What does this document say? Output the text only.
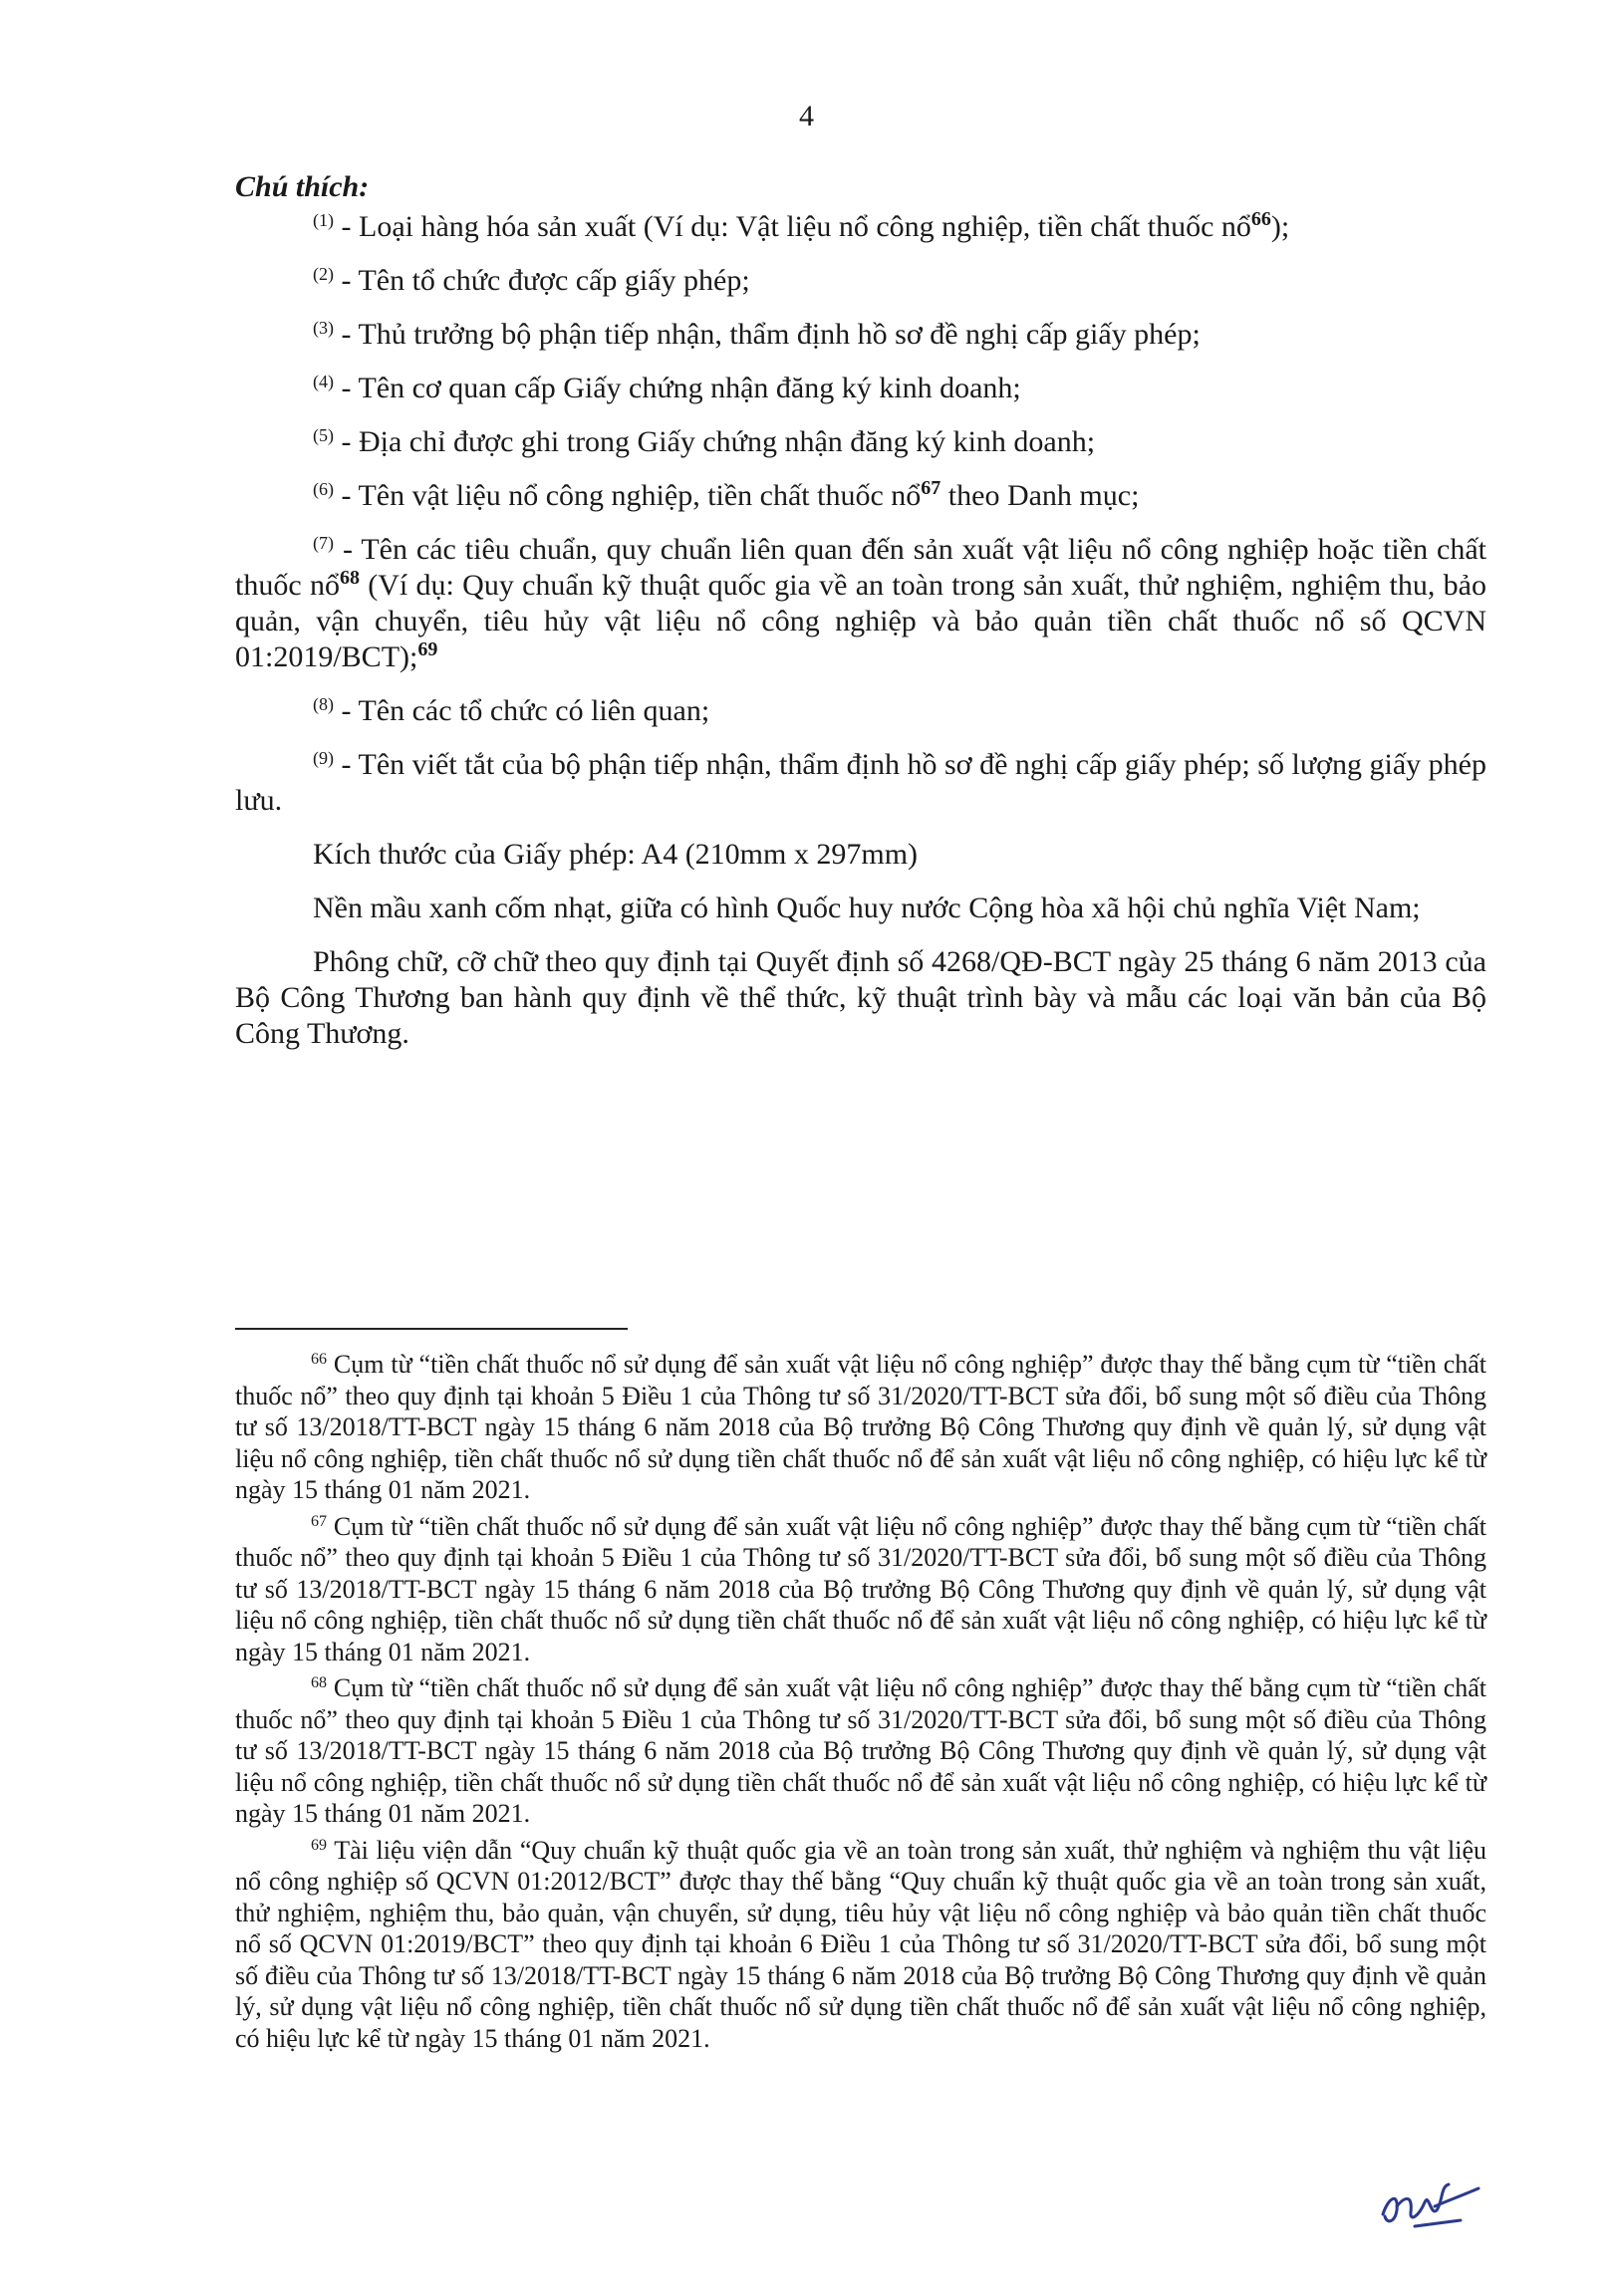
4

Chú thích:

$^{(1)}$ - Loại hàng hóa sản xuất (Ví dụ: Vật liệu nổ công nghiệp, tiền chất thuốc nổ$^{66}$);

$^{(2)}$ - Tên tổ chức được cấp giấy phép;

$^{(3)}$ - Thủ trưởng bộ phận tiếp nhận, thẩm định hồ sơ đề nghị cấp giấy phép;

$^{(4)}$ - Tên cơ quan cấp Giấy chứng nhận đăng ký kinh doanh;

$^{(5)}$ - Địa chỉ được ghi trong Giấy chứng nhận đăng ký kinh doanh;

$^{(6)}$ - Tên vật liệu nổ công nghiệp, tiền chất thuốc nổ$^{67}$ theo Danh mục;

$^{(7)}$ - Tên các tiêu chuẩn, quy chuẩn liên quan đến sản xuất vật liệu nổ công nghiệp hoặc tiền chất thuốc nổ$^{68}$ (Ví dụ: Quy chuẩn kỹ thuật quốc gia về an toàn trong sản xuất, thử nghiệm, nghiệm thu, bảo quản, vận chuyển, tiêu hủy vật liệu nổ công nghiệp và bảo quản tiền chất thuốc nổ số QCVN 01:2019/BCT);$^{69}$

$^{(8)}$ - Tên các tổ chức có liên quan;

$^{(9)}$ - Tên viết tắt của bộ phận tiếp nhận, thẩm định hồ sơ đề nghị cấp giấy phép; số lượng giấy phép lưu.

Kích thước của Giấy phép: A4 (210mm x 297mm)

Nền mầu xanh cốm nhạt, giữa có hình Quốc huy nước Cộng hòa xã hội chủ nghĩa Việt Nam;

Phông chữ, cỡ chữ theo quy định tại Quyết định số 4268/QĐ-BCT ngày 25 tháng 6 năm 2013 của Bộ Công Thương ban hành quy định về thể thức, kỹ thuật trình bày và mẫu các loại văn bản của Bộ Công Thương.

$^{66}$ Cụm từ “tiền chất thuốc nổ sử dụng để sản xuất vật liệu nổ công nghiệp” được thay thế bằng cụm từ “tiền chất thuốc nổ” theo quy định tại khoản 5 Điều 1 của Thông tư số 31/2020/TT-BCT sửa đổi, bổ sung một số điều của Thông tư số 13/2018/TT-BCT ngày 15 tháng 6 năm 2018 của Bộ trưởng Bộ Công Thương quy định về quản lý, sử dụng vật liệu nổ công nghiệp, tiền chất thuốc nổ sử dụng tiền chất thuốc nổ để sản xuất vật liệu nổ công nghiệp, có hiệu lực kể từ ngày 15 tháng 01 năm 2021.

$^{67}$ Cụm từ “tiền chất thuốc nổ sử dụng để sản xuất vật liệu nổ công nghiệp” được thay thế bằng cụm từ “tiền chất thuốc nổ” theo quy định tại khoản 5 Điều 1 của Thông tư số 31/2020/TT-BCT sửa đổi, bổ sung một số điều của Thông tư số 13/2018/TT-BCT ngày 15 tháng 6 năm 2018 của Bộ trưởng Bộ Công Thương quy định về quản lý, sử dụng vật liệu nổ công nghiệp, tiền chất thuốc nổ sử dụng tiền chất thuốc nổ để sản xuất vật liệu nổ công nghiệp, có hiệu lực kể từ ngày 15 tháng 01 năm 2021.

$^{68}$ Cụm từ “tiền chất thuốc nổ sử dụng để sản xuất vật liệu nổ công nghiệp” được thay thế bằng cụm từ “tiền chất thuốc nổ” theo quy định tại khoản 5 Điều 1 của Thông tư số 31/2020/TT-BCT sửa đổi, bổ sung một số điều của Thông tư số 13/2018/TT-BCT ngày 15 tháng 6 năm 2018 của Bộ trưởng Bộ Công Thương quy định về quản lý, sử dụng vật liệu nổ công nghiệp, tiền chất thuốc nổ sử dụng tiền chất thuốc nổ để sản xuất vật liệu nổ công nghiệp, có hiệu lực kể từ ngày 15 tháng 01 năm 2021.

$^{69}$ Tài liệu viện dẫn “Quy chuẩn kỹ thuật quốc gia về an toàn trong sản xuất, thử nghiệm và nghiệm thu vật liệu nổ công nghiệp số QCVN 01:2012/BCT” được thay thế bằng “Quy chuẩn kỹ thuật quốc gia về an toàn trong sản xuất, thử nghiệm, nghiệm thu, bảo quản, vận chuyển, sử dụng, tiêu hủy vật liệu nổ công nghiệp và bảo quản tiền chất thuốc nổ số QCVN 01:2019/BCT” theo quy định tại khoản 6 Điều 1 của Thông tư số 31/2020/TT-BCT sửa đổi, bổ sung một số điều của Thông tư số 13/2018/TT-BCT ngày 15 tháng 6 năm 2018 của Bộ trưởng Bộ Công Thương quy định về quản lý, sử dụng vật liệu nổ công nghiệp, tiền chất thuốc nổ sử dụng tiền chất thuốc nổ để sản xuất vật liệu nổ công nghiệp, có hiệu lực kể từ ngày 15 tháng 01 năm 2021.
